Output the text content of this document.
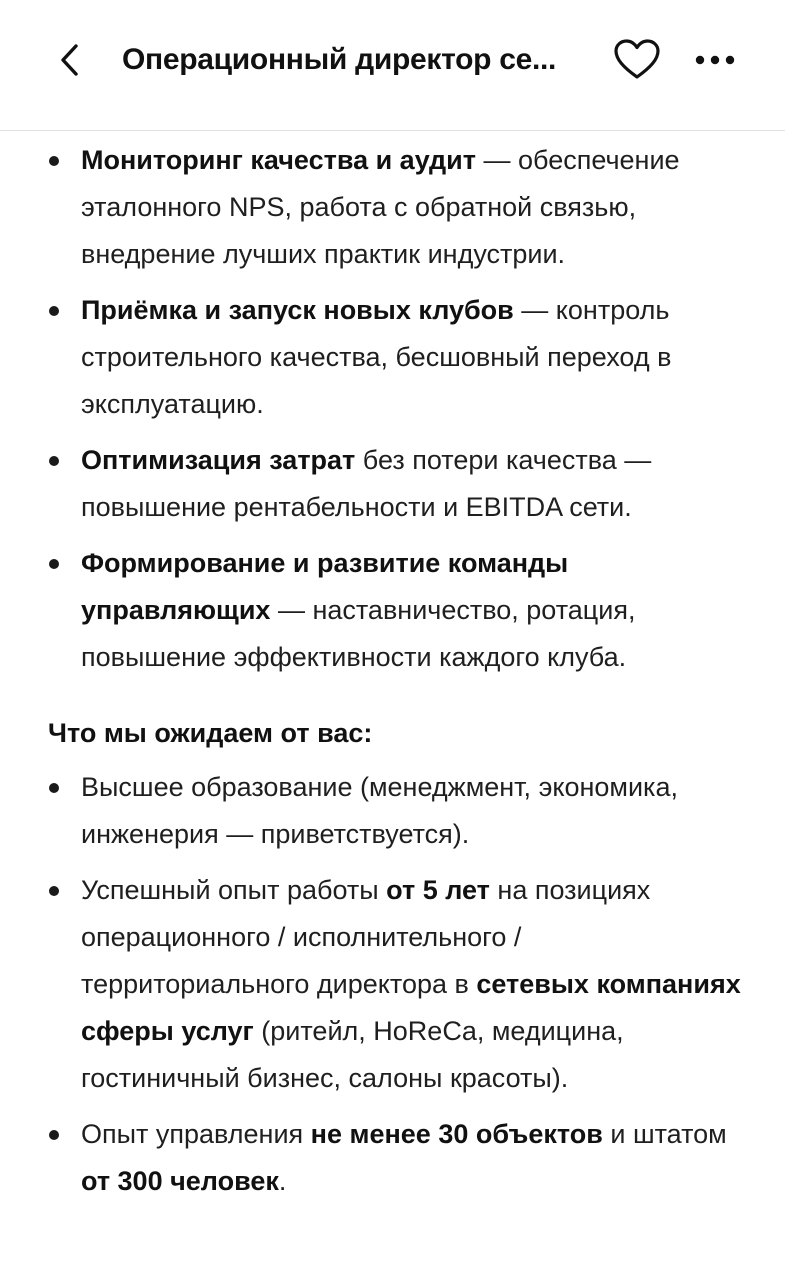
Операционный директор се...
Мониторинг качества и аудит — обеспечение эталонного NPS, работа с обратной связью, внедрение лучших практик индустрии.
Приёмка и запуск новых клубов — контроль строительного качества, бесшовный переход в эксплуатацию.
Оптимизация затрат без потери качества — повышение рентабельности и EBITDA сети.
Формирование и развитие команды управляющих — наставничество, ротация, повышение эффективности каждого клуба.
Что мы ожидаем от вас:
Высшее образование (менеджмент, экономика, инженерия — приветствуется).
Успешный опыт работы от 5 лет на позициях операционного / исполнительного / территориального директора в сетевых компаниях сферы услуг (ритейл, HoReCa, медицина, гостиничный бизнес, салоны красоты).
Опыт управления не менее 30 объектов и штатом от 300 человек.
